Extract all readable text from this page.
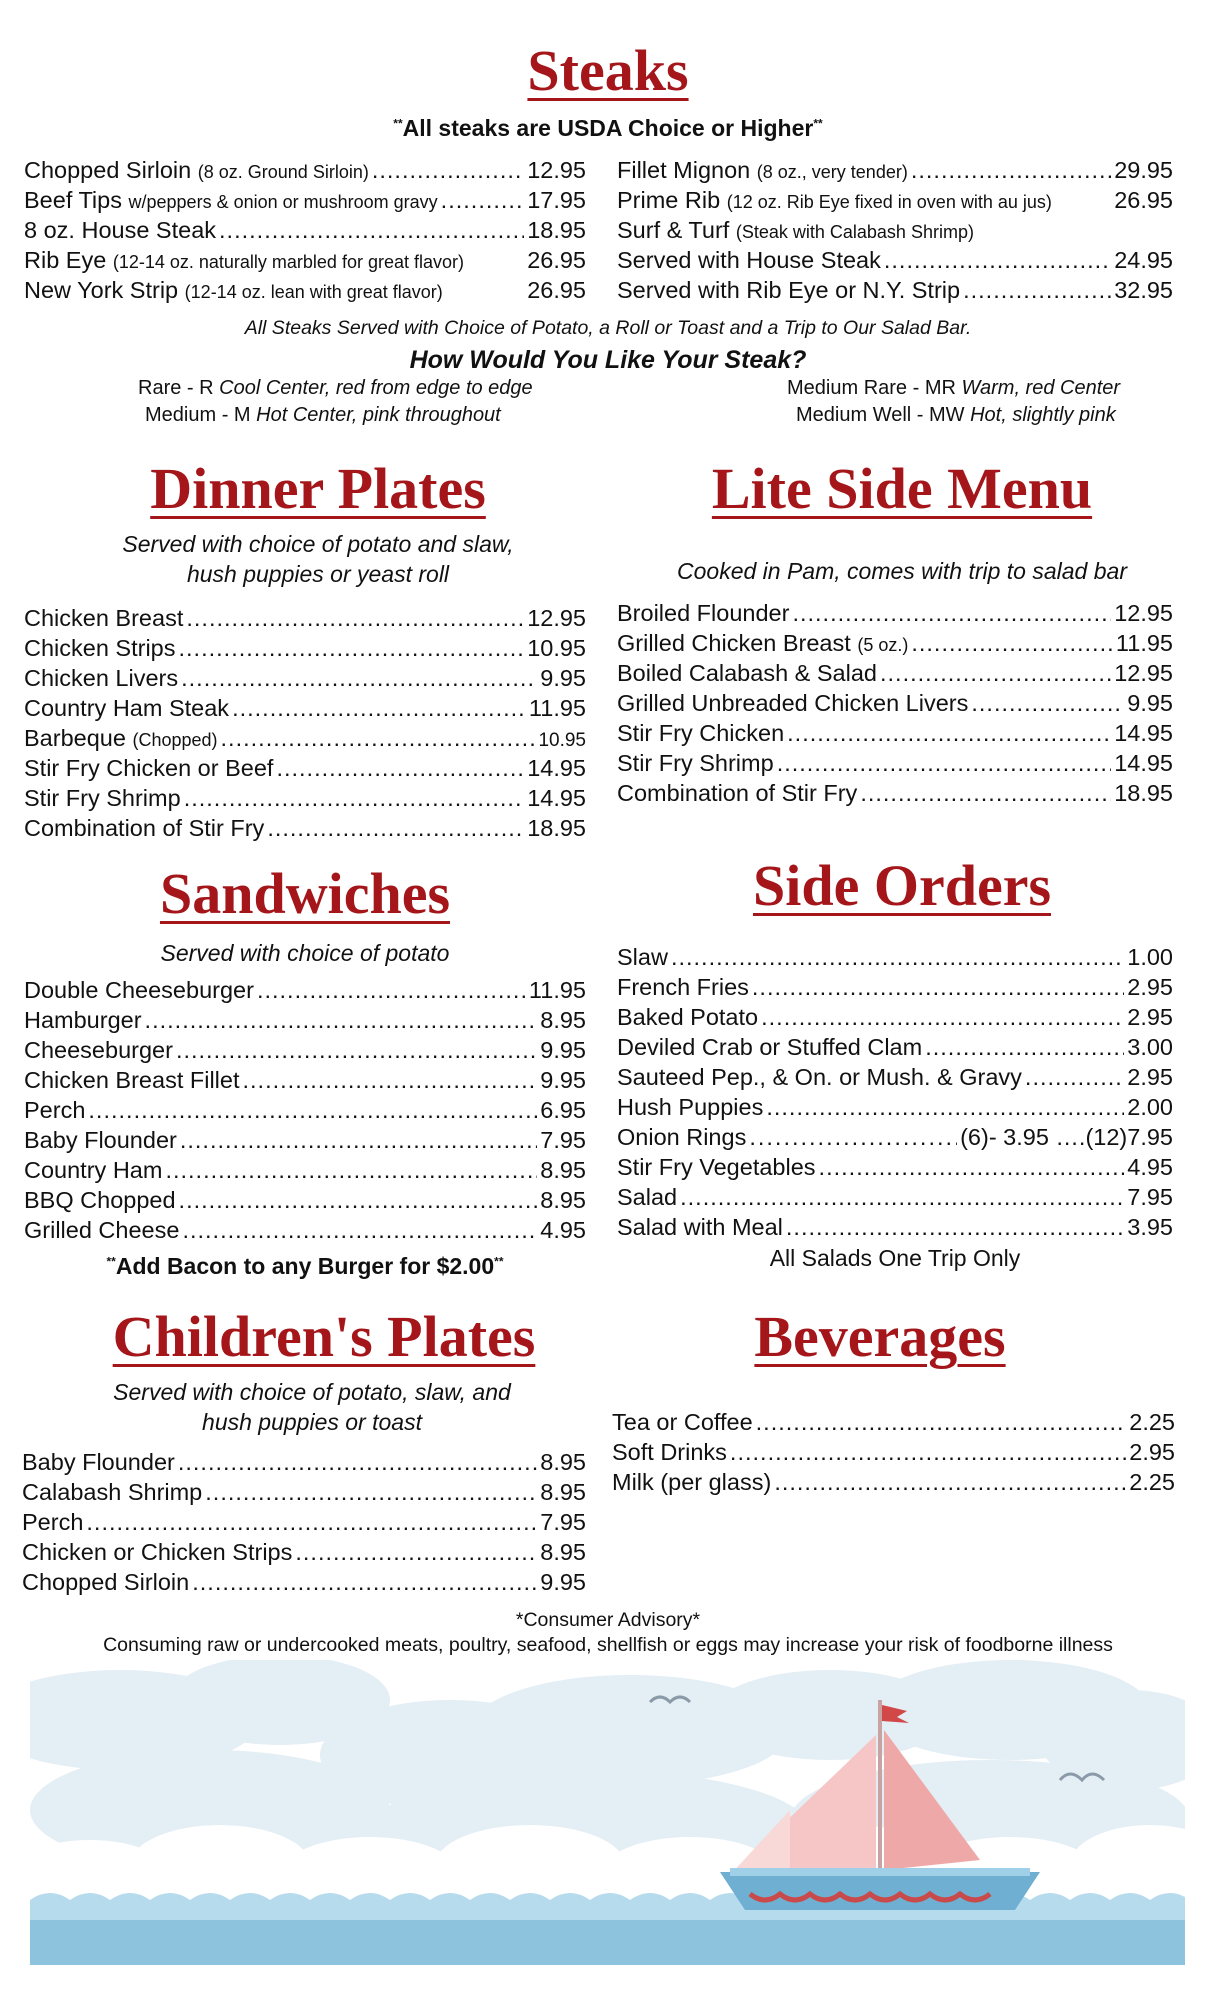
Steaks
**All steaks are USDA Choice or Higher**
Chopped Sirloin (8 oz. Ground Sirloin) .....	12.95
Beef Tips w/peppers & onion or mushroom gravy .....	17.95
8 oz. House Steak .....	18.95
Rib Eye (12-14 oz. naturally marbled for great flavor)	26.95
New York Strip (12-14 oz. lean with great flavor)	26.95
Fillet Mignon (8 oz., very tender) .....	29.95
Prime Rib (12 oz. Rib Eye fixed in oven with au jus)	26.95
Surf & Turf (Steak with Calabash Shrimp)
Served with House Steak .....	24.95
Served with Rib Eye or N.Y. Strip .....	32.95
All Steaks Served with Choice of Potato, a Roll or Toast and a Trip to Our Salad Bar.
How Would You Like Your Steak?
Rare - R Cool Center, red from edge to edge
Medium - M Hot Center, pink throughout
Medium Rare - MR Warm, red Center
Medium Well - MW Hot, slightly pink
Dinner Plates
Served with choice of potato and slaw,
hush puppies or yeast roll
Chicken Breast .....	12.95
Chicken Strips .....	10.95
Chicken Livers .....	9.95
Country Ham Steak .....	11.95
Barbeque (Chopped) .....	10.95
Stir Fry Chicken or Beef .....	14.95
Stir Fry Shrimp .....	14.95
Combination of Stir Fry .....	18.95
Lite Side Menu
Cooked in Pam, comes with trip to salad bar
Broiled Flounder .....	12.95
Grilled Chicken Breast (5 oz.) .....	11.95
Boiled Calabash & Salad .....	12.95
Grilled Unbreaded Chicken Livers .....	9.95
Stir Fry Chicken .....	14.95
Stir Fry Shrimp .....	14.95
Combination of Stir Fry .....	18.95
Sandwiches
Served with choice of potato
Double Cheeseburger .....	11.95
Hamburger .....	8.95
Cheeseburger .....	9.95
Chicken Breast Fillet .....	9.95
Perch .....	6.95
Baby Flounder .....	7.95
Country Ham .....	8.95
BBQ Chopped .....	8.95
Grilled Cheese .....	4.95
**Add Bacon to any Burger for $2.00**
Side Orders
Slaw .....	1.00
French Fries .....	2.95
Baked Potato .....	2.95
Deviled Crab or Stuffed Clam .....	3.00
Sauteed Pep., & On. or Mush. & Gravy .....	2.95
Hush Puppies .....	2.00
Onion Rings .....	(6)- 3.95 ….(12)7.95
Stir Fry Vegetables .....	4.95
Salad .....	7.95
Salad with Meal .....	3.95
All Salads One Trip Only
Children's Plates
Served with choice of potato, slaw, and
hush puppies or toast
Baby Flounder .....	8.95
Calabash Shrimp .....	8.95
Perch .....	7.95
Chicken or Chicken Strips .....	8.95
Chopped Sirloin .....	9.95
Beverages
Tea or Coffee .....	2.25
Soft Drinks .....	2.95
Milk (per glass) .....	2.25
*Consumer Advisory*
Consuming raw or undercooked meats, poultry, seafood, shellfish or eggs may increase your risk of foodborne illness
